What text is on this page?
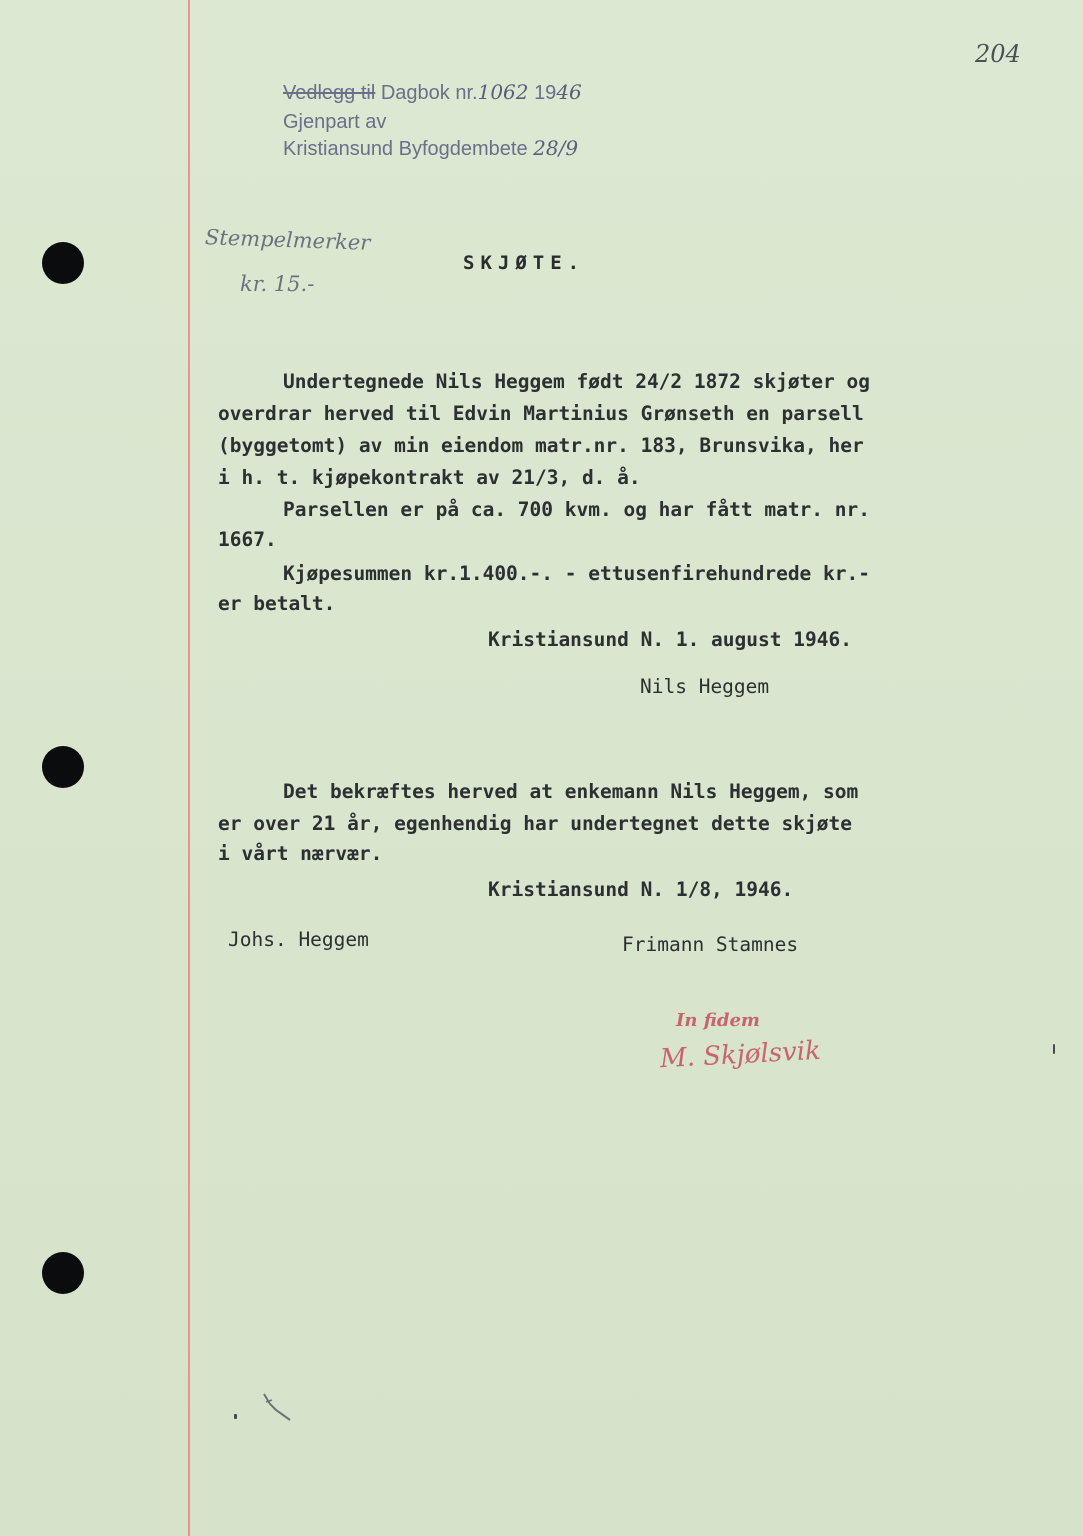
204
Vedlegg til Dagbok nr.1062 1946
Gjenpart av
Kristiansund Byfogdembete 28/9
Stempelmerker
kr. 15.-
SKJØTE.
Undertegnede Nils Heggem født 24/2 1872 skjøter og
overdrar herved til Edvin Martinius Grønseth en parsell
(byggetomt) av min eiendom matr.nr. 183, Brunsvika, her
i h. t. kjøpekontrakt av 21/3, d. å.
Parsellen er på ca. 700 kvm. og har fått matr. nr.
1667.
Kjøpesummen kr.1.400.-. - ettusenfirehundrede kr.-
er betalt.
Kristiansund N. 1. august 1946.
Nils Heggem
Det bekræftes herved at enkemann Nils Heggem, som
er over 21 år, egenhendig har undertegnet dette skjøte
i vårt nærvær.
Kristiansund N. 1/8, 1946.
Johs. Heggem	Frimann Stamnes
In fidem
M. Skjølsvik
